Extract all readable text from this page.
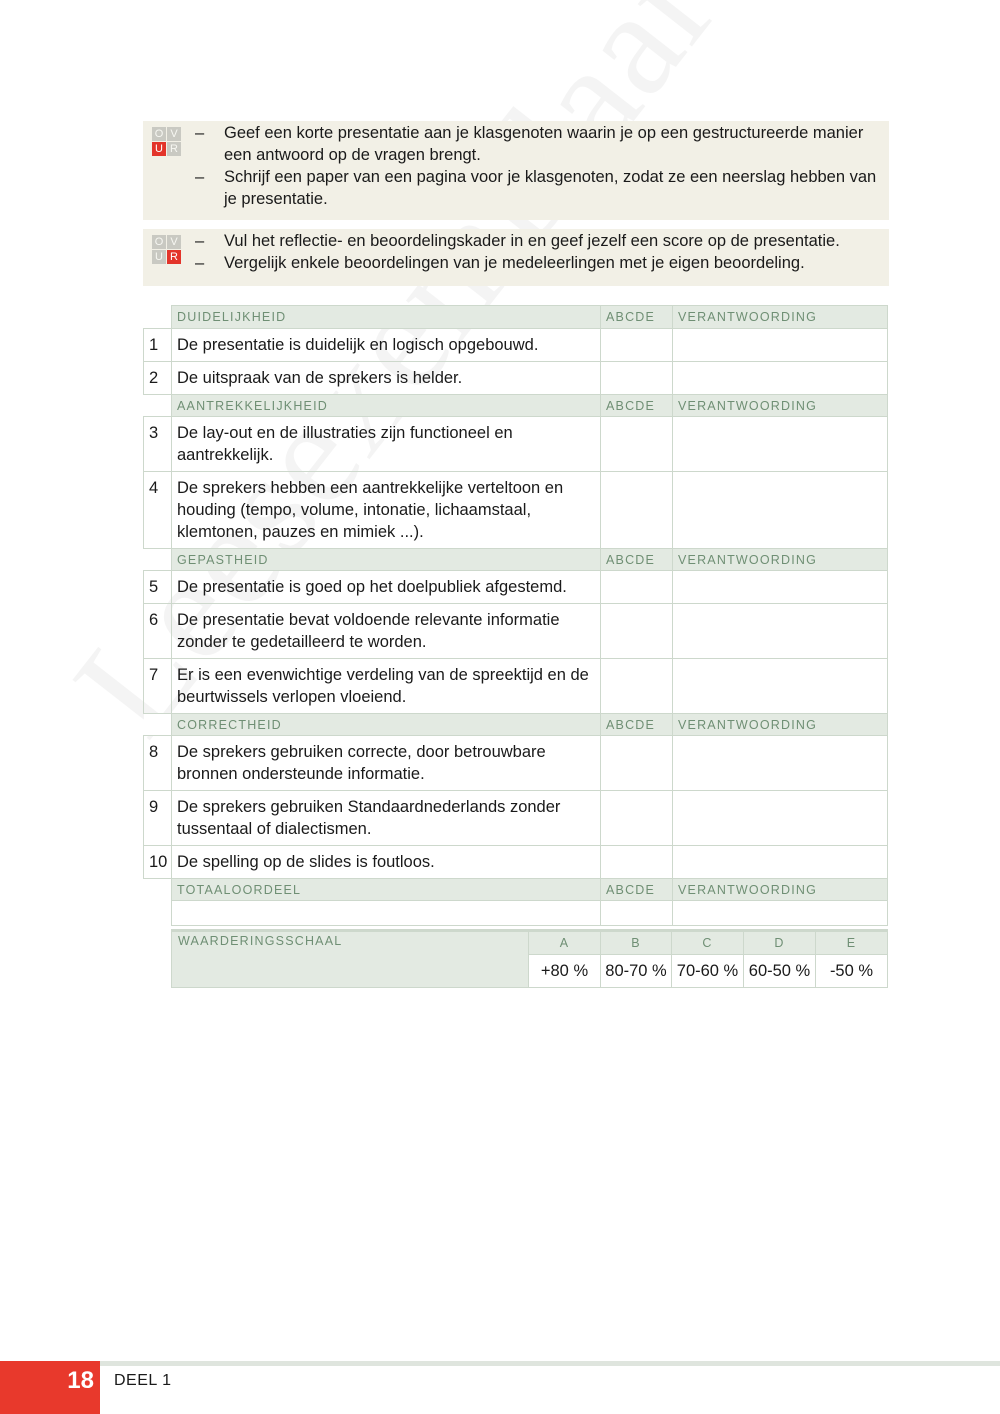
O V
U R
– Geef een korte presentatie aan je klasgenoten waarin je op een gestructureerde manier een antwoord op de vragen brengt.
– Schrijf een paper van een pagina voor je klasgenoten, zodat ze een neerslag hebben van je presentatie.
O V
U R
– Vul het reflectie- en beoordelingskader in en geef jezelf een score op de presentatie.
– Vergelijk enkele beoordelingen van je medeleerlingen met je eigen beoordeling.
	DUIDELIJKHEID	ABCDE	VERANTWOORDING
1	De presentatie is duidelijk en logisch opgebouwd.		
2	De uitspraak van de sprekers is helder.		
	AANTREKKELIJKHEID	ABCDE	VERANTWOORDING
3	De lay-out en de illustraties zijn functioneel en aantrekkelijk.		
4	De sprekers hebben een aantrekkelijke verteltoon en houding (tempo, volume, intonatie, lichaamstaal, klemtonen, pauzes en mimiek ...).		
	GEPASTHEID	ABCDE	VERANTWOORDING
5	De presentatie is goed op het doelpubliek afgestemd.		
6	De presentatie bevat voldoende relevante informatie zonder te gedetailleerd te worden.		
7	Er is een evenwichtige verdeling van de spreektijd en de beurtwissels verlopen vloeiend.		
	CORRECTHEID	ABCDE	VERANTWOORDING
8	De sprekers gebruiken correcte, door betrouwbare bronnen ondersteunde informatie.		
9	De sprekers gebruiken Standaardnederlands zonder tussentaal of dialectismen.		
10	De spelling op de slides is foutloos.		
	TOTAALOORDEEL	ABCDE	VERANTWOORDING

WAARDERINGSSCHAAL	A	B	C	D	E
	+80 %	80-70 %	70-60 %	60-50 %	-50 %
18	DEEL 1
